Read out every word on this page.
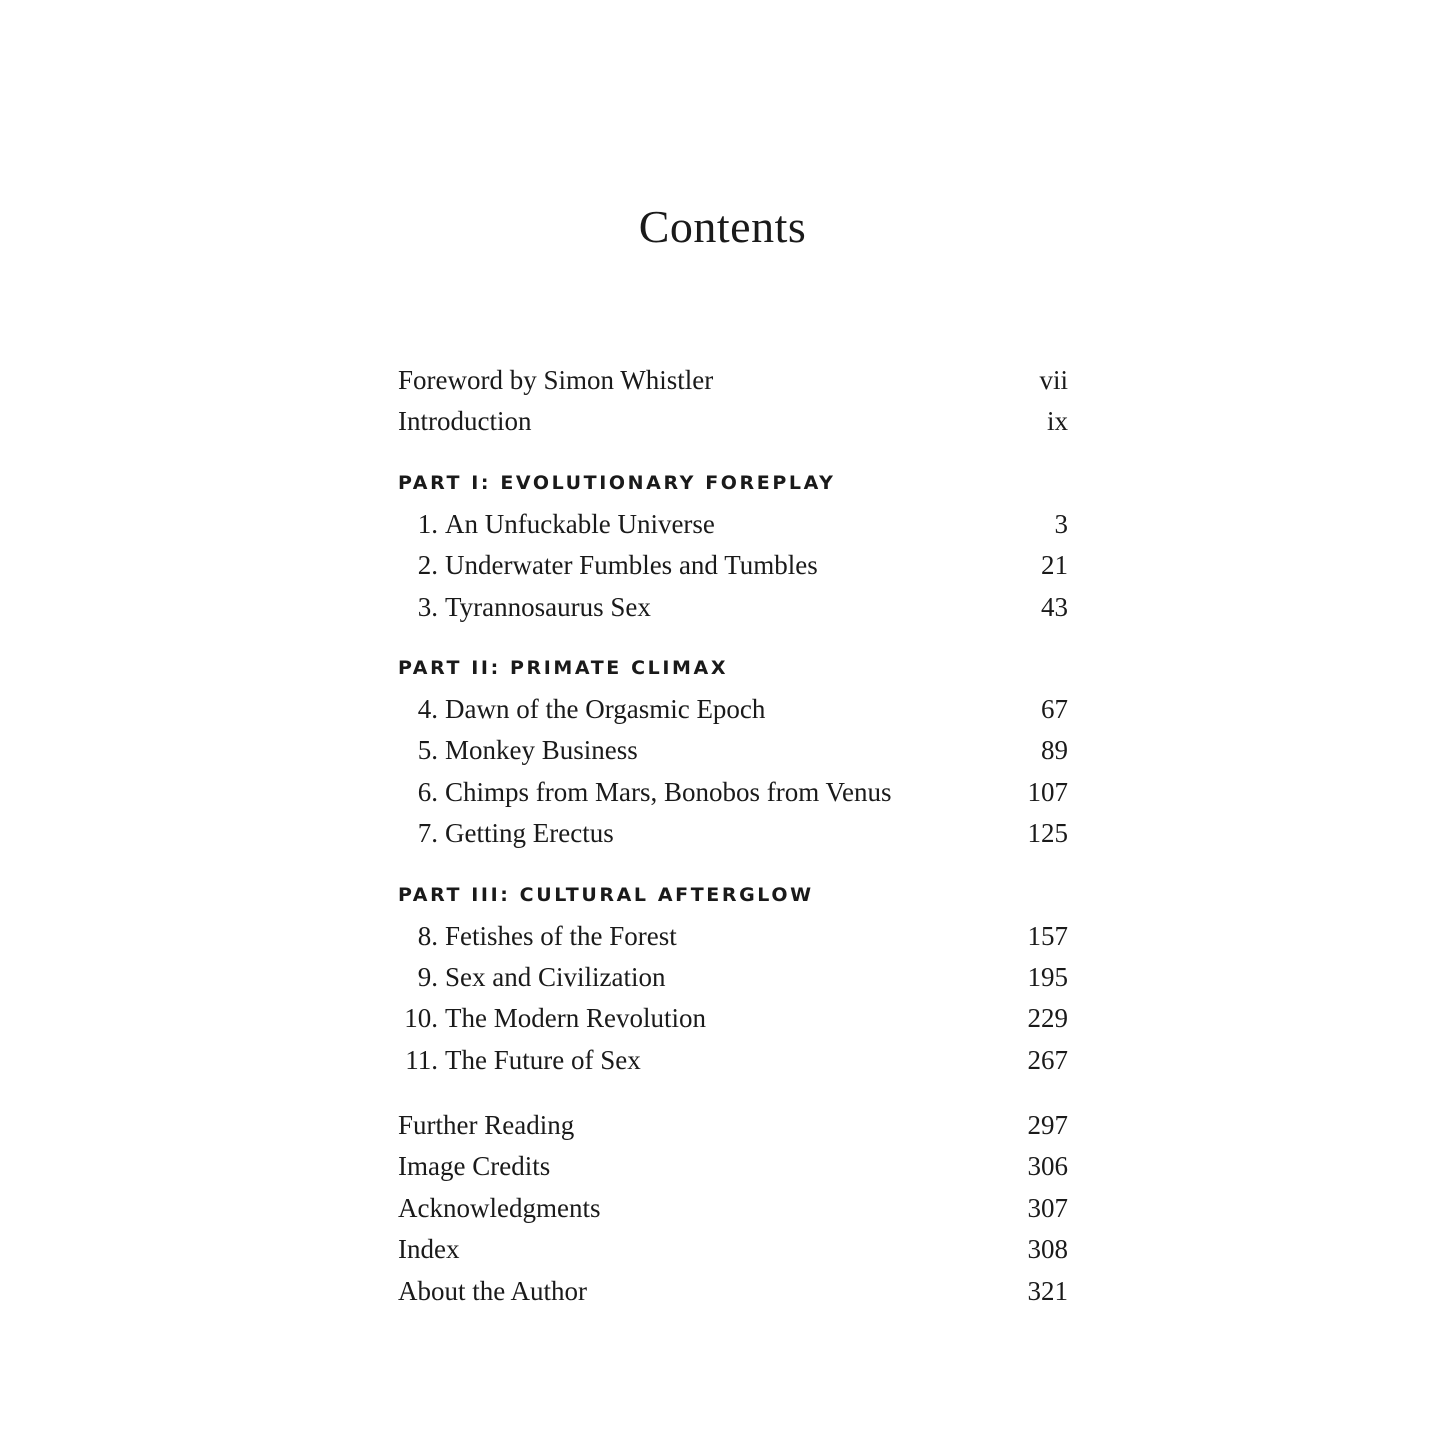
Contents
Foreword by Simon Whistler	vii
Introduction	ix
PART I: EVOLUTIONARY FOREPLAY
1. An Unfuckable Universe	3
2. Underwater Fumbles and Tumbles	21
3. Tyrannosaurus Sex	43
PART II: PRIMATE CLIMAX
4. Dawn of the Orgasmic Epoch	67
5. Monkey Business	89
6. Chimps from Mars, Bonobos from Venus	107
7. Getting Erectus	125
PART III: CULTURAL AFTERGLOW
8. Fetishes of the Forest	157
9. Sex and Civilization	195
10. The Modern Revolution	229
11. The Future of Sex	267
Further Reading	297
Image Credits	306
Acknowledgments	307
Index	308
About the Author	321
